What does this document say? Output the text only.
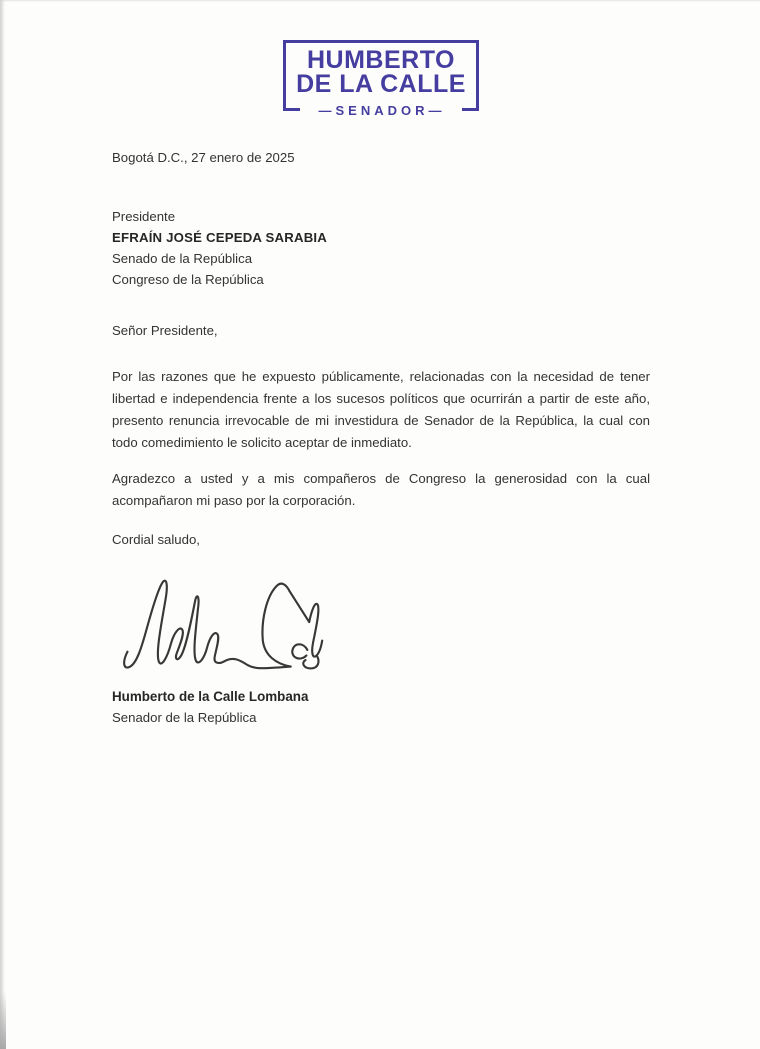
HUMBERTO
DE LA CALLE
—SENADOR—
Bogotá D.C., 27 enero de 2025
Presidente
EFRAÍN JOSÉ CEPEDA SARABIA
Senado de la República
Congreso de la República
Señor Presidente,

Por las razones que he expuesto públicamente, relacionadas con la necesidad de tener libertad e independencia frente a los sucesos políticos que ocurrirán a partir de este año, presento renuncia irrevocable de mi investidura de Senador de la República, la cual con todo comedimiento le solicito aceptar de inmediato.

Agradezco a usted y a mis compañeros de Congreso la generosidad con la cual acompañaron mi paso por la corporación.

Cordial saludo,
Humberto de la Calle Lombana
Senador de la República
